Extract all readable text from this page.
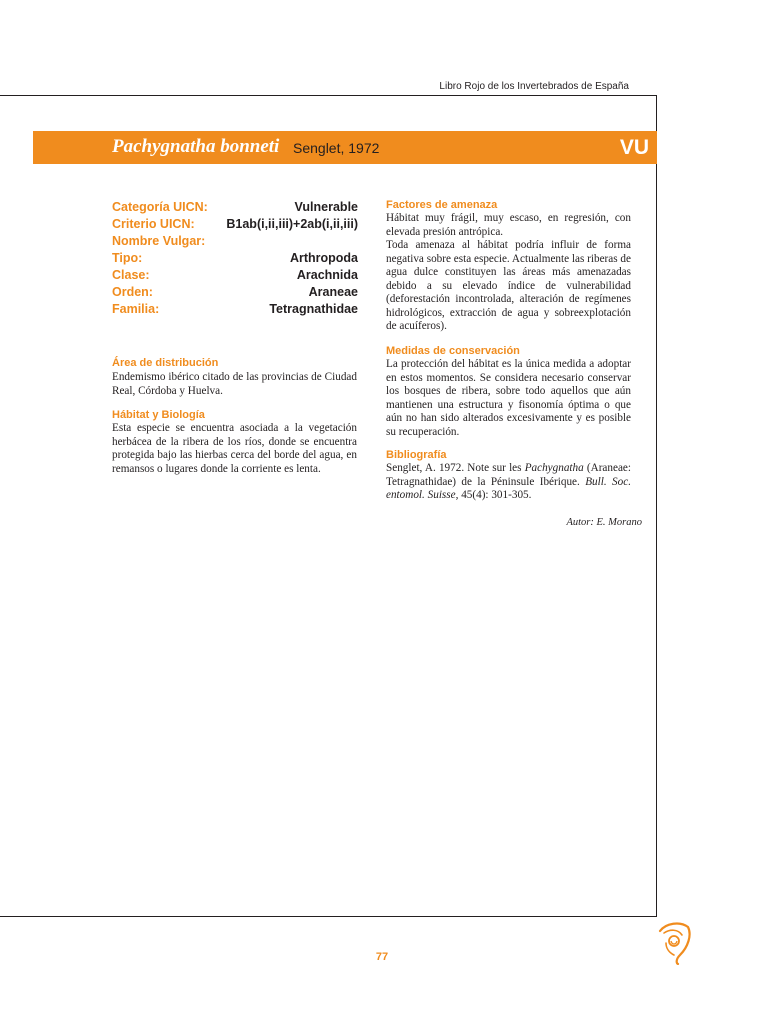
Libro Rojo de los Invertebrados de España
Pachygnatha bonneti Senglet, 1972	VU
Categoría UICN:	Vulnerable
Criterio UICN:	B1ab(i,ii,iii)+2ab(i,ii,iii)
Nombre Vulgar:
Tipo:	Arthropoda
Clase:	Arachnida
Orden:	Araneae
Familia:	Tetragnathidae
Área de distribución
Endemismo ibérico citado de las provincias de Ciudad Real, Córdoba y Huelva.
Hábitat y Biología
Esta especie se encuentra asociada a la vegetación herbácea de la ribera de los ríos, donde se encuentra protegida bajo las hierbas cerca del borde del agua, en remansos o lugares donde la corriente es lenta.
Factores de amenaza

Hábitat muy frágil, muy escaso, en regresión, con elevada presión antrópica.

Toda amenaza al hábitat podría influir de forma negativa sobre esta especie. Actualmente las riberas de agua dulce constituyen las áreas más amenazadas debido a su elevado índice de vulnerabilidad (deforestación incontrolada, alteración de regímenes hidrológicos, extracción de agua y sobreexplotación de acuíferos).

Medidas de conservación
La protección del hábitat es la única medida a adoptar en estos momentos. Se considera necesario conservar los bosques de ribera, sobre todo aquellos que aún mantienen una estructura y fisonomía óptima o que aún no han sido alterados excesivamente y es posible su recuperación.
Bibliografía
Senglet, A. 1972. Note sur les Pachygnatha (Araneae: Tetragnathidae) de la Péninsule Ibérique. Bull. Soc. entomol. Suisse, 45(4): 301-305.
Autor: E. Morano
77
